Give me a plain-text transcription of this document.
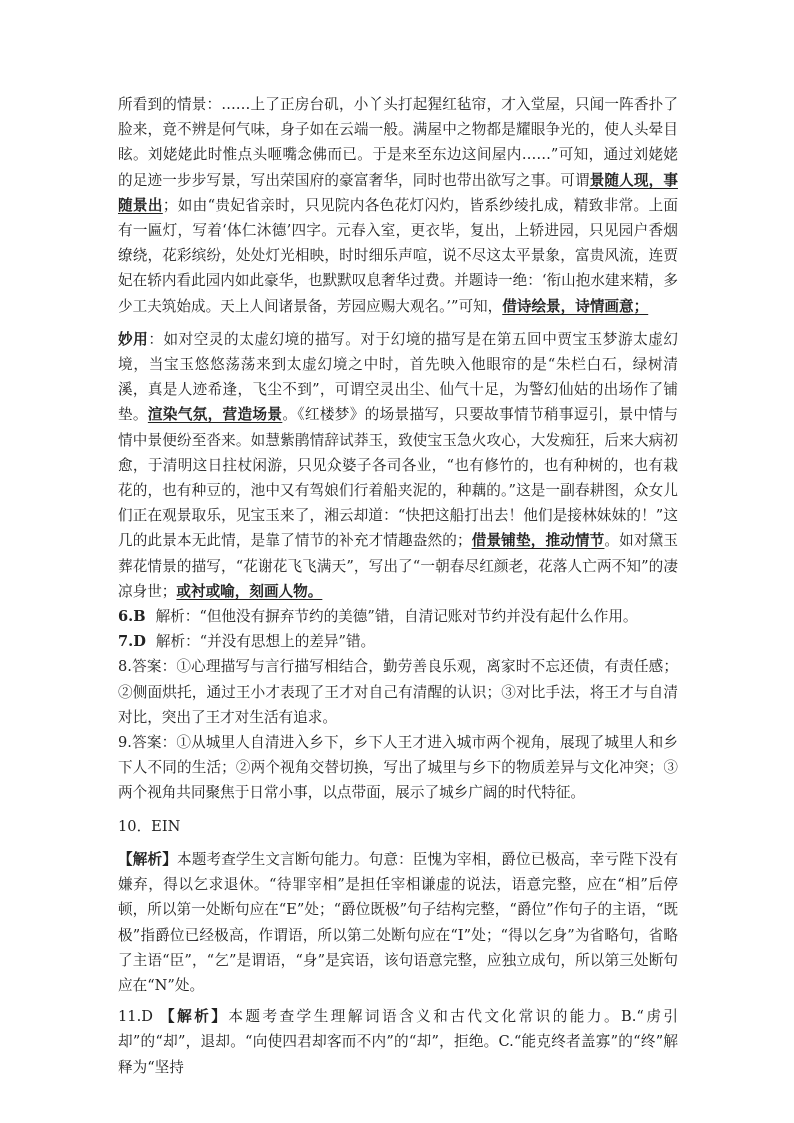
所看到的情景：……上了正房台矶，小丫头打起猩红毡帘，才入堂屋，只闻一阵香扑了脸来，竟不辨是何气味，身子如在云端一般。满屋中之物都是耀眼争光的，使人头晕目眩。刘姥姥此时惟点头咂嘴念佛而已。于是来至东边这间屋内……”可知，通过刘姥姥的足迹一步步写景，写出荣国府的豪富奢华，同时也带出欲写之事。可谓景随人现，事随景出；如由“贵妃省亲时，只见院内各色花灯闪灼，皆系纱绫扎成，精致非常。上面有一匾灯，写着‘体仁沐德’四字。元春入室，更衣毕，复出，上轿进园，只见园户香烟缭绕，花彩缤纷，处处灯光相映，时时细乐声喧，说不尽这太平景象，富贵风流，连贾妃在轿内看此园内如此豪华，也默默叹息奢华过费。并题诗一绝：‘衔山抱水建来精，多少工夫筑始成。天上人间诸景备，芳园应赐大观名。’”可知，借诗绘景，诗情画意；

妙用：如对空灵的太虚幻境的描写。对于幻境的描写是在第五回中贾宝玉梦游太虚幻境，当宝玉悠悠荡荡来到太虚幻境之中时，首先映入他眼帘的是“朱栏白石，绿树清溪，真是人迹希逢，飞尘不到”，可谓空灵出尘、仙气十足，为警幻仙姑的出场作了铺垫。渲染气氛，营造场景。《红楼梦》的场景描写，只要故事情节稍事逗引，景中情与情中景便纷至沓来。如慧紫鹃情辞试莽玉，致使宝玉急火攻心，大发痴狂，后来大病初愈，于清明这日拄杖闲游，只见众婆子各司各业，“也有修竹的，也有种树的，也有栽花的，也有种豆的，池中又有驾娘们行着船夹泥的，种藕的。”这是一副春耕图，众女儿们正在观景取乐，见宝玉来了，湘云却道：“快把这船打出去！他们是接林妹妹的！”这几的此景本无此情，是靠了情节的补充才情趣盎然的；借景铺垫，推动情节。如对黛玉葬花情景的描写，“花谢花飞飞满天”，写出了“一朝春尽红颜老，花落人亡两不知”的凄凉身世；或衬或喻，刻画人物。

6.B 解析：“但他没有摒弃节约的美德”错，自清记账对节约并没有起什么作用。

7.D 解析：“并没有思想上的差异”错。

8.答案：①心理描写与言行描写相结合，勤劳善良乐观，离家时不忘还债，有责任感；②侧面烘托，通过王小才表现了王才对自己有清醒的认识；③对比手法，将王才与自清对比，突出了王才对生活有追求。

9.答案：①从城里人自清进入乡下，乡下人王才进入城市两个视角，展现了城里人和乡下人不同的生活；②两个视角交替切换，写出了城里与乡下的物质差异与文化冲突；③两个视角共同聚焦于日常小事，以点带面，展示了城乡广阔的时代特征。

10．EIN

【解析】本题考查学生文言断句能力。句意：臣愧为宰相，爵位已极高，幸亏陛下没有嫌弃，得以乞求退休。“待罪宰相”是担任宰相谦虚的说法，语意完整，应在“相”后停顿，所以第一处断句应在“E”处；“爵位既极”句子结构完整，“爵位”作句子的主语，“既极”指爵位已经极高，作谓语，所以第二处断句应在“I”处；“得以乞身”为省略句，省略了主语“臣”，“乞”是谓语，“身”是宾语，该句语意完整，应独立成句，所以第三处断句应在“N”处。

11.D 【解析】本题考查学生理解词语含义和古代文化常识的能力。B.“虏引却”的“却”，退却。“向使四君却客而不内”的“却”，拒绝。C.“能克终者盖寡”的“终”解释为“坚持
